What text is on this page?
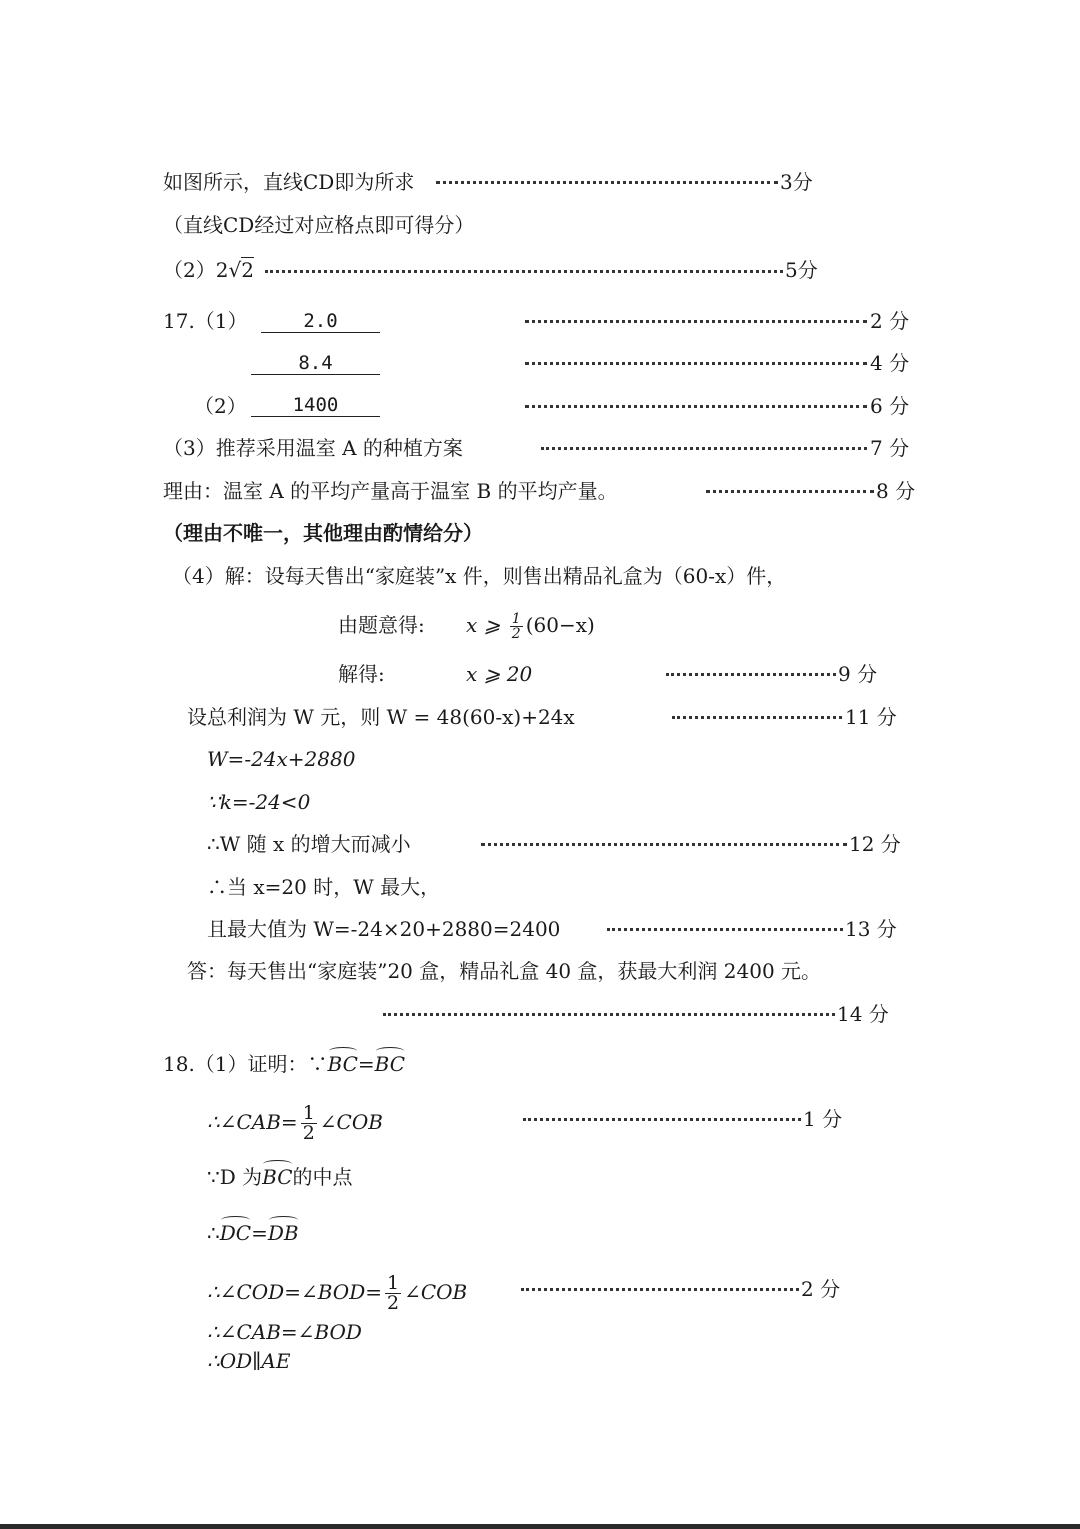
如图所示，直线CD即为所求	3分
（直线CD经过对应格点即可得分）
（2）2√2	5分
17.（1）	2.0	2 分
8.4	4 分
（2）	1400	6 分
（3）推荐采用温室 A 的种植方案	7 分
理由：温室 A 的平均产量高于温室 B 的平均产量。	8 分
（理由不唯一，其他理由酌情给分）
（4）解：设每天售出“家庭装”x 件，则售出精品礼盒为（60-x）件，
由题意得: x ⩾ $\frac{1}{2} (60-x)$
解得:	x ⩾ 20	9 分
设总利润为 W 元，则 W = 48(60-x)+24x	11 分
W=-24x+2880
∵k=-24<0
∴W 随 x 的增大而减小	12 分
∴当 x=20 时，W 最大，
且最大值为 W=-24×20+2880=2400	13 分
答：每天售出“家庭装”20 盒，精品礼盒 40 盒，获最大利润 2400 元。
14 分
18.（1）证明：∵BC=BC
∴∠CAB= $\frac{1}{2}$ ∠COB	1 分
∵D 为BC的中点
∴DC=DB
∴∠COD=∠BOD= $\frac{1}{2}$ ∠COB	2 分
∴∠CAB=∠BOD
∴OD∥AE
